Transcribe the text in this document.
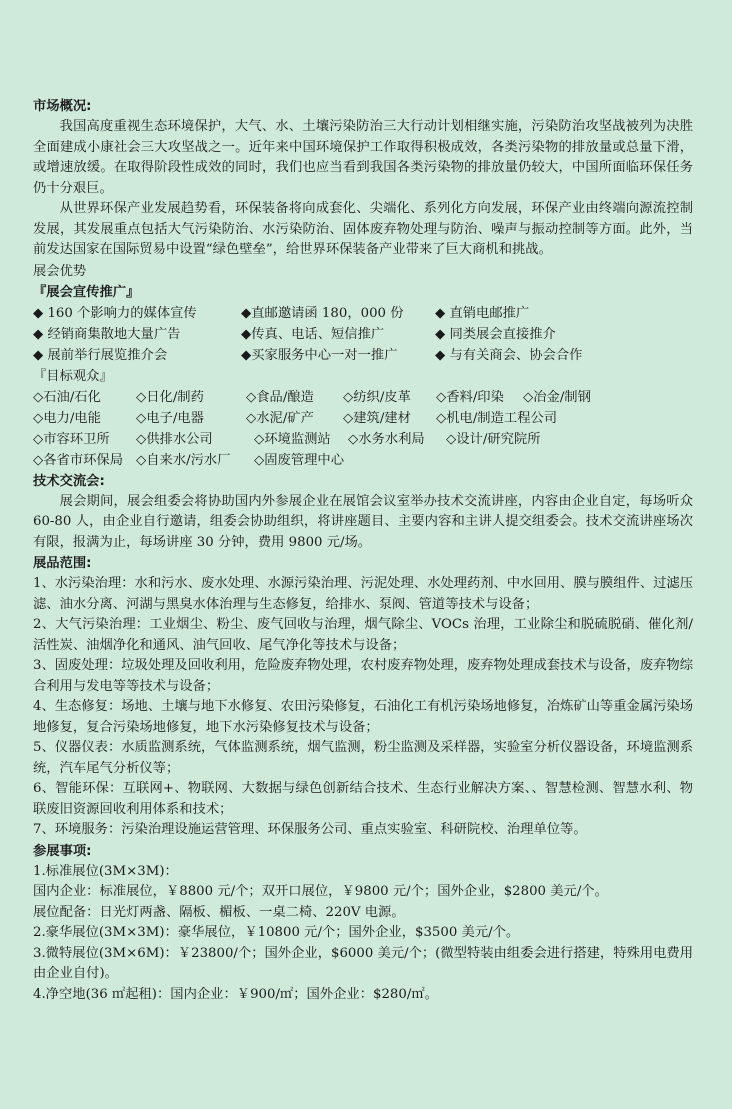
市场概况:

我国高度重视生态环境保护，大气、水、土壤污染防治三大行动计划相继实施，污染防治攻坚战被列为决胜全面建成小康社会三大攻坚战之一。近年来中国环境保护工作取得积极成效，各类污染物的排放量或总量下滑，或增速放缓。在取得阶段性成效的同时，我们也应当看到我国各类污染物的排放量仍较大，中国所面临环保任务仍十分艰巨。

从世界环保产业发展趋势看，环保装备将向成套化、尖端化、系列化方向发展，环保产业由终端向源流控制发展，其发展重点包括大气污染防治、水污染防治、固体废弃物处理与防治、噪声与振动控制等方面。此外，当前发达国家在国际贸易中设置“绿色壁垒”，给世界环保装备产业带来了巨大商机和挑战。

展会优势
『展会宣传推广』
◆ 160 个影响力的媒体宣传	◆直邮邀请函 180，000 份	◆ 直销电邮推广
◆ 经销商集散地大量广告	◆传真、电话、短信推广	◆ 同类展会直接推介
◆ 展前举行展览推介会	◆买家服务中心一对一推广	◆ 与有关商会、协会合作
『目标观众』
◇石油/石化	◇日化/制药	◇食品/酿造	◇纺织/皮革	◇香料/印染	◇冶金/制钢
◇电力/电能	◇电子/电器	◇水泥/矿产	◇建筑/建材	◇机电/制造工程公司
◇市容环卫所	◇供排水公司	◇环境监测站	◇水务水利局	◇设计/研究院所
◇各省市环保局 ◇自来水/污水厂	◇固废管理中心
技术交流会:

展会期间，展会组委会将协助国内外参展企业在展馆会议室举办技术交流讲座，内容由企业自定，每场听众 60-80 人，由企业自行邀请，组委会协助组织，将讲座题目、主要内容和主讲人提交组委会。技术交流讲座场次有限，报满为止，每场讲座 30 分钟，费用 9800 元/场。

展品范围:

1、水污染治理：水和污水、废水处理、水源污染治理、污泥处理、水处理药剂、中水回用、膜与膜组件、过滤压滤、油水分离、河湖与黑臭水体治理与生态修复，给排水、泵阀、管道等技术与设备；

2、大气污染治理：工业烟尘、粉尘、废气回收与治理，烟气除尘、VOCs 治理，工业除尘和脱硫脱硝、催化剂/活性炭、油烟净化和通风、油气回收、尾气净化等技术与设备；

3、固废处理：垃圾处理及回收利用，危险废弃物处理，农村废弃物处理，废弃物处理成套技术与设备，废弃物综合利用与发电等等技术与设备；

4、生态修复：场地、土壤与地下水修复、农田污染修复，石油化工有机污染场地修复，冶炼矿山等重金属污染场地修复，复合污染场地修复，地下水污染修复技术与设备；

5、仪器仪表：水质监测系统，气体监测系统，烟气监测，粉尘监测及采样器，实验室分析仪器设备，环境监测系统，汽车尾气分析仪等；

6、智能环保：互联网+、物联网、大数据与绿色创新结合技术、生态行业解决方案、、智慧检测、智慧水利、物联废旧资源回收利用体系和技术；

7、环境服务：污染治理设施运营管理、环保服务公司、重点实验室、科研院校、治理单位等。

参展事项:

1.标准展位(3M×3M)：

国内企业：标准展位，￥8800 元/个；双开口展位，￥9800 元/个；国外企业，$2800 美元/个。

展位配备：日光灯两盏、隔板、楣板、一桌二椅、220V 电源。

2.豪华展位(3M×3M)：豪华展位，￥10800 元/个；国外企业，$3500 美元/个。

3.微特展位(3M×6M)：￥23800/个；国外企业，$6000 美元/个；(微型特装由组委会进行搭建，特殊用电费用由企业自付)。

4.净空地(36 ㎡起租)：国内企业：￥900/㎡；国外企业：$280/㎡。
